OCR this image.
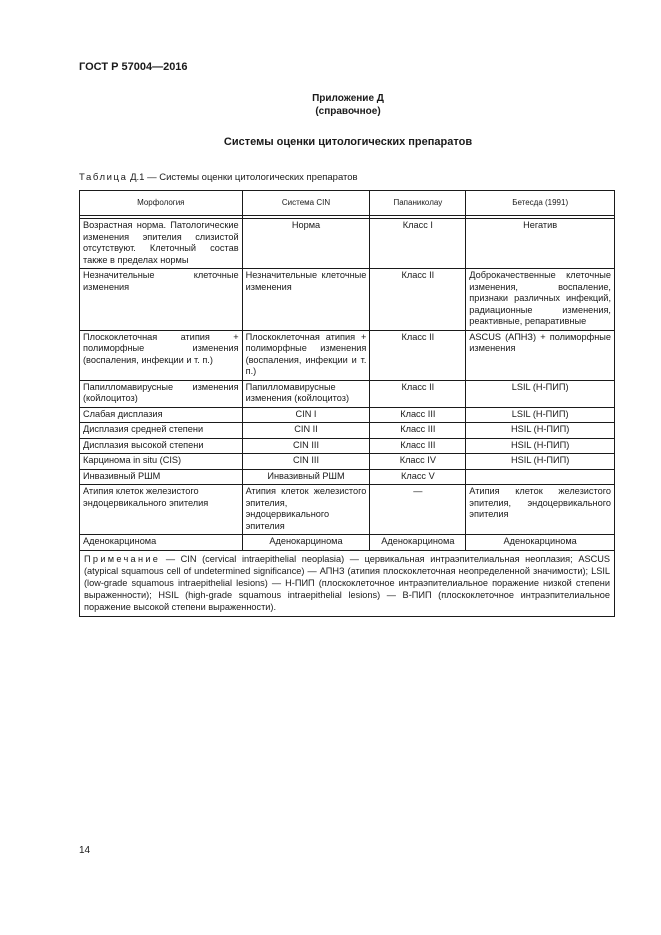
ГОСТ Р 57004—2016
Приложение Д
(справочное)
Системы оценки цитологических препаратов
Таблица Д.1 — Системы оценки цитологических препаратов
Морфология	Система CIN	Папаниколау	Бетесда (1991)

Возрастная норма. Патологические изменения эпителия слизистой отсутствуют. Клеточный состав также в пределах нормы	Норма	Класс I	Негатив
Незначительные клеточные изменения	Незначительные клеточные изменения	Класс II	Доброкачественные клеточные изменения, воспаление, признаки различных инфекций, радиационные изменения, реактивные, репаративные
Плоскоклеточная атипия + полиморфные изменения (воспаления, инфекции и т. п.)	Плоскоклеточная атипия + полиморфные изменения (воспаления, инфекции и т. п.)	Класс II	ASCUS (АПНЗ) + полиморфные изменения
Папилломавирусные изменения (койлоцитоз)	Папилломавирусные изменения (койлоцитоз)	Класс II	LSIL (Н-ПИП)
Слабая дисплазия	CIN I	Класс III	LSIL (Н-ПИП)
Дисплазия средней степени	CIN II	Класс III	HSIL (Н-ПИП)
Дисплазия высокой степени	CIN III	Класс III	HSIL (Н-ПИП)
Карцинома in situ (CIS)	CIN III	Класс IV	HSIL (Н-ПИП)
Инвазивный РШМ	Инвазивный РШМ	Класс V	
Атипия клеток железистого эндоцервикального эпителия	Атипия клеток железистого эпителия, эндоцервикального эпителия	—	Атипия клеток железистого эпителия, эндоцервикального эпителия
Аденокарцинома	Аденокарцинома	Аденокарцинома	Аденокарцинома
Примечание — CIN (cervical intraepithelial neoplasia) — цервикальная интраэпителиальная неоплазия; ASCUS (atypical squamous cell of undetermined significance) — АПНЗ (атипия плоскоклеточная неопределенной значимости); LSIL (low-grade squamous intraepithelial lesions) — Н-ПИП (плоскоклеточное интраэпителиальное поражение низкой степени выраженности); HSIL (high-grade squamous intraepithelial lesions) — В-ПИП (плоскоклеточное интраэпителиальное поражение высокой степени выраженности).			
14
